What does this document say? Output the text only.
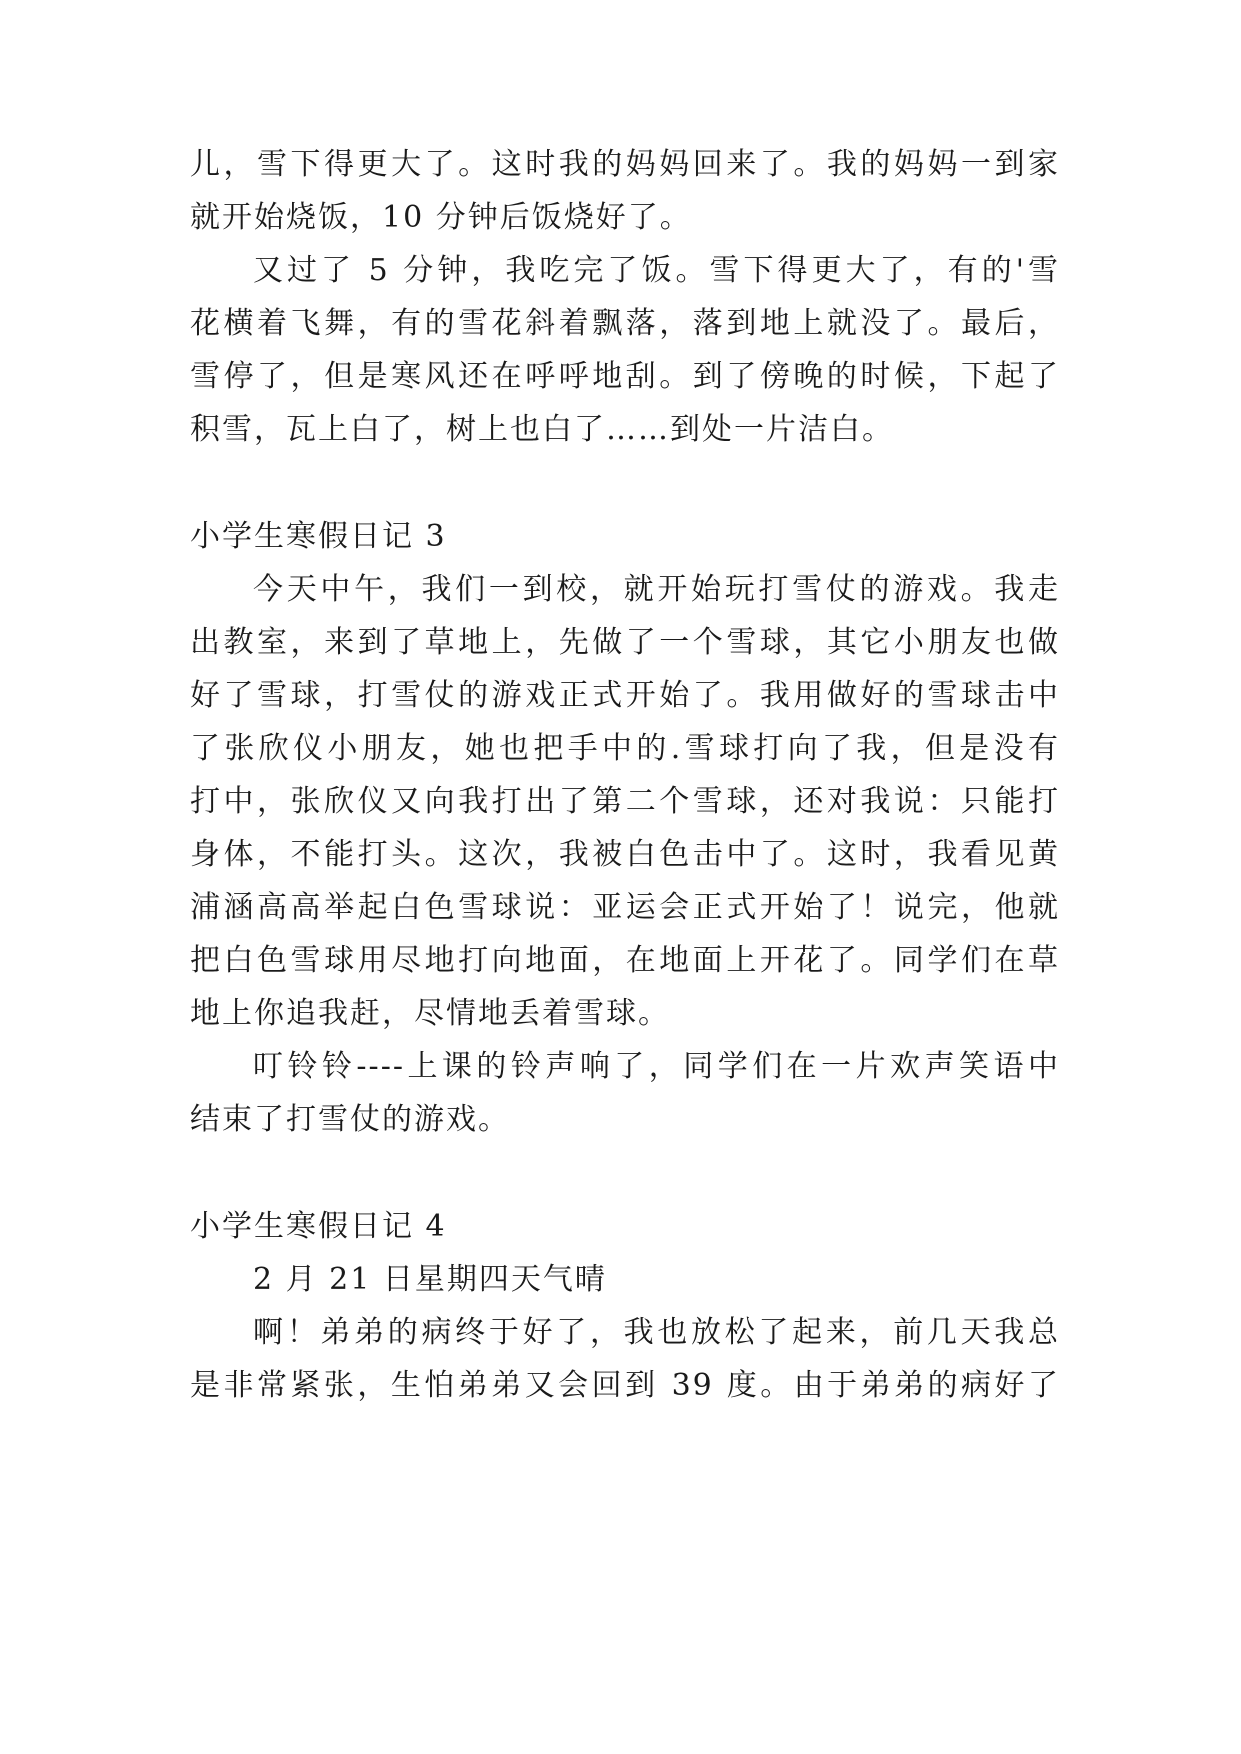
儿，雪下得更大了。这时我的妈妈回来了。我的妈妈一到家
就开始烧饭，10 分钟后饭烧好了。
又过了 5 分钟，我吃完了饭。雪下得更大了，有的'雪
花横着飞舞，有的雪花斜着飘落，落到地上就没了。最后，
雪停了，但是寒风还在呼呼地刮。到了傍晚的时候，下起了
积雪，瓦上白了，树上也白了……到处一片洁白。
小学生寒假日记 3
今天中午，我们一到校，就开始玩打雪仗的游戏。我走
出教室，来到了草地上，先做了一个雪球，其它小朋友也做
好了雪球，打雪仗的游戏正式开始了。我用做好的雪球击中
了张欣仪小朋友，她也把手中的.雪球打向了我，但是没有
打中，张欣仪又向我打出了第二个雪球，还对我说：只能打
身体，不能打头。这次，我被白色击中了。这时，我看见黄
浦涵高高举起白色雪球说：亚运会正式开始了！说完，他就
把白色雪球用尽地打向地面，在地面上开花了。同学们在草
地上你追我赶，尽情地丢着雪球。
叮铃铃----上课的铃声响了，同学们在一片欢声笑语中
结束了打雪仗的游戏。
小学生寒假日记 4
2 月 21 日星期四天气晴
啊！弟弟的病终于好了，我也放松了起来，前几天我总
是非常紧张，生怕弟弟又会回到 39 度。由于弟弟的病好了
